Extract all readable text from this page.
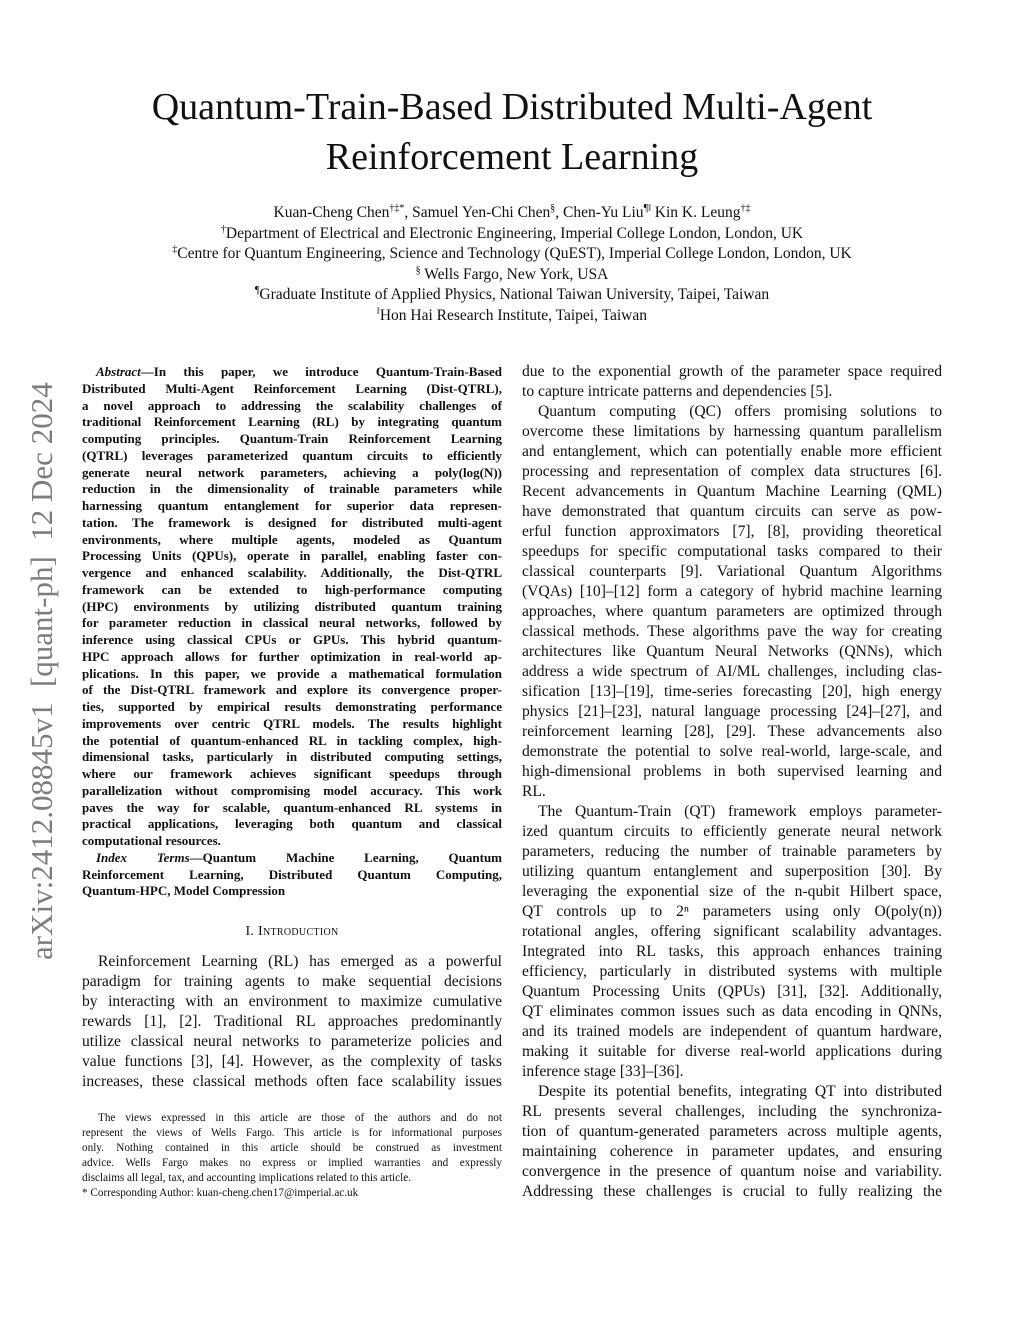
arXiv:2412.08845v1  [quant-ph]  12 Dec 2024
Quantum-Train-Based Distributed Multi-Agent
Reinforcement Learning
Kuan-Cheng Chen†‡*, Samuel Yen-Chi Chen§, Chen-Yu Liu¶‖ Kin K. Leung†‡
†Department of Electrical and Electronic Engineering, Imperial College London, London, UK
‡Centre for Quantum Engineering, Science and Technology (QuEST), Imperial College London, London, UK
§ Wells Fargo, New York, USA
¶Graduate Institute of Applied Physics, National Taiwan University, Taipei, Taiwan
‖Hon Hai Research Institute, Taipei, Taiwan
Abstract—In this paper, we introduce Quantum-Train-Based
Distributed Multi-Agent Reinforcement Learning (Dist-QTRL),
a novel approach to addressing the scalability challenges of
traditional Reinforcement Learning (RL) by integrating quantum
computing principles. Quantum-Train Reinforcement Learning
(QTRL) leverages parameterized quantum circuits to efficiently
generate neural network parameters, achieving a poly(log(N))
reduction in the dimensionality of trainable parameters while
harnessing quantum entanglement for superior data represen-
tation. The framework is designed for distributed multi-agent
environments, where multiple agents, modeled as Quantum
Processing Units (QPUs), operate in parallel, enabling faster con-
vergence and enhanced scalability. Additionally, the Dist-QTRL
framework can be extended to high-performance computing
(HPC) environments by utilizing distributed quantum training
for parameter reduction in classical neural networks, followed by
inference using classical CPUs or GPUs. This hybrid quantum-
HPC approach allows for further optimization in real-world ap-
plications. In this paper, we provide a mathematical formulation
of the Dist-QTRL framework and explore its convergence proper-
ties, supported by empirical results demonstrating performance
improvements over centric QTRL models. The results highlight
the potential of quantum-enhanced RL in tackling complex, high-
dimensional tasks, particularly in distributed computing settings,
where our framework achieves significant speedups through
parallelization without compromising model accuracy. This work
paves the way for scalable, quantum-enhanced RL systems in
practical applications, leveraging both quantum and classical
computational resources.
Index Terms—Quantum Machine Learning, Quantum
Reinforcement Learning, Distributed Quantum Computing,
Quantum-HPC, Model Compression
I. Introduction
Reinforcement Learning (RL) has emerged as a powerful
paradigm for training agents to make sequential decisions
by interacting with an environment to maximize cumulative
rewards [1], [2]. Traditional RL approaches predominantly
utilize classical neural networks to parameterize policies and
value functions [3], [4]. However, as the complexity of tasks
increases, these classical methods often face scalability issues
The views expressed in this article are those of the authors and do not
represent the views of Wells Fargo. This article is for informational purposes
only. Nothing contained in this article should be construed as investment
advice. Wells Fargo makes no express or implied warranties and expressly
disclaims all legal, tax, and accounting implications related to this article.
* Corresponding Author: kuan-cheng.chen17@imperial.ac.uk
due to the exponential growth of the parameter space required
to capture intricate patterns and dependencies [5].
Quantum computing (QC) offers promising solutions to
overcome these limitations by harnessing quantum parallelism
and entanglement, which can potentially enable more efficient
processing and representation of complex data structures [6].
Recent advancements in Quantum Machine Learning (QML)
have demonstrated that quantum circuits can serve as pow-
erful function approximators [7], [8], providing theoretical
speedups for specific computational tasks compared to their
classical counterparts [9]. Variational Quantum Algorithms
(VQAs) [10]–[12] form a category of hybrid machine learning
approaches, where quantum parameters are optimized through
classical methods. These algorithms pave the way for creating
architectures like Quantum Neural Networks (QNNs), which
address a wide spectrum of AI/ML challenges, including clas-
sification [13]–[19], time-series forecasting [20], high energy
physics [21]–[23], natural language processing [24]–[27], and
reinforcement learning [28], [29]. These advancements also
demonstrate the potential to solve real-world, large-scale, and
high-dimensional problems in both supervised learning and
RL.
The Quantum-Train (QT) framework employs parameter-
ized quantum circuits to efficiently generate neural network
parameters, reducing the number of trainable parameters by
utilizing quantum entanglement and superposition [30]. By
leveraging the exponential size of the n-qubit Hilbert space,
QT controls up to 2ⁿ parameters using only O(poly(n))
rotational angles, offering significant scalability advantages.
Integrated into RL tasks, this approach enhances training
efficiency, particularly in distributed systems with multiple
Quantum Processing Units (QPUs) [31], [32]. Additionally,
QT eliminates common issues such as data encoding in QNNs,
and its trained models are independent of quantum hardware,
making it suitable for diverse real-world applications during
inference stage [33]–[36].
Despite its potential benefits, integrating QT into distributed
RL presents several challenges, including the synchroniza-
tion of quantum-generated parameters across multiple agents,
maintaining coherence in parameter updates, and ensuring
convergence in the presence of quantum noise and variability.
Addressing these challenges is crucial to fully realizing the
